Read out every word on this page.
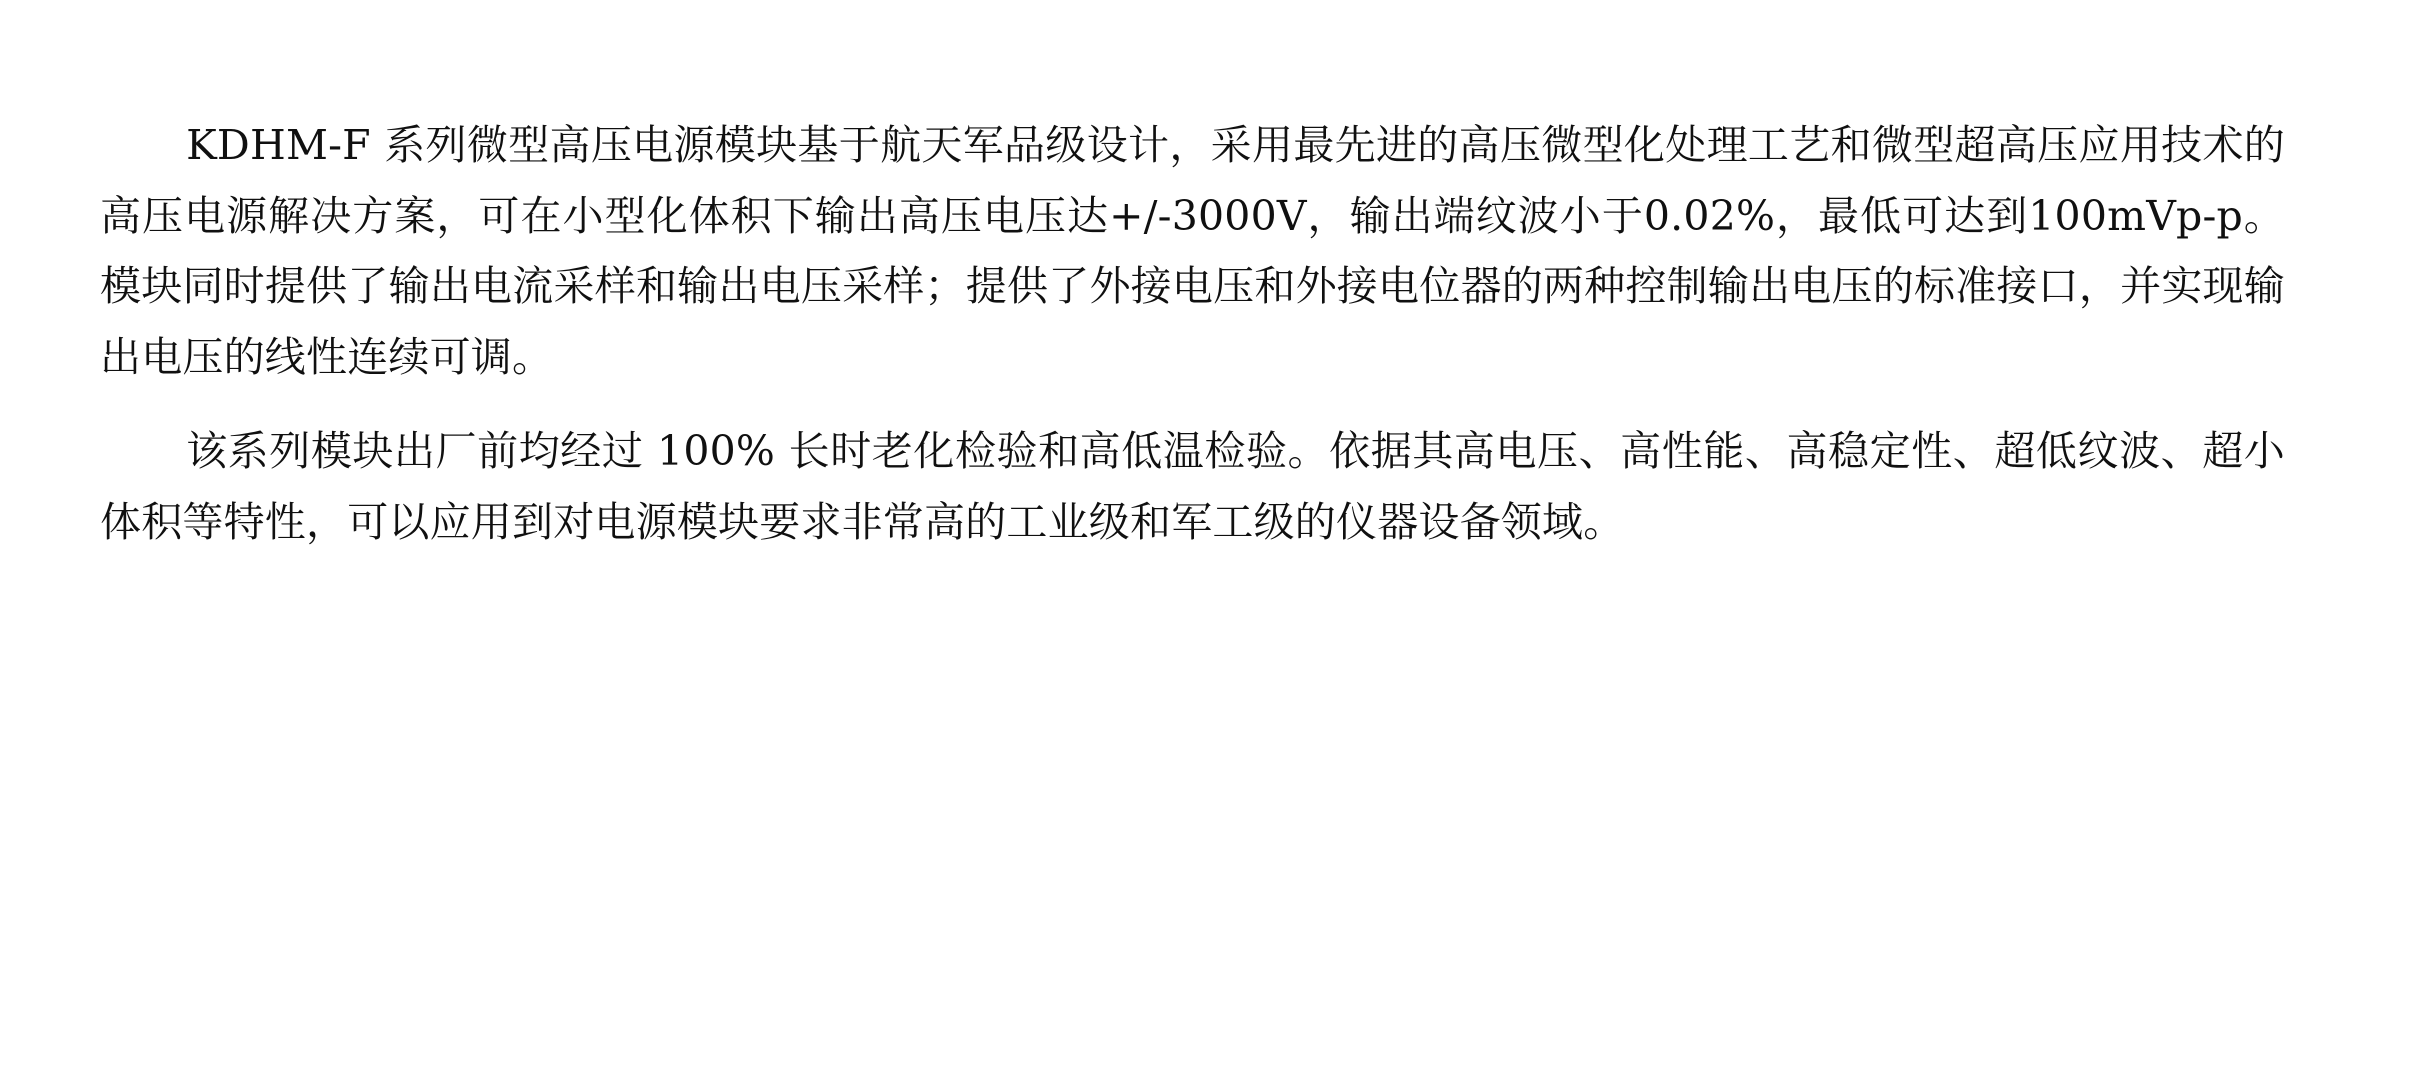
KDHM-F 系列微型高压电源模块基于航天军品级设计，采用最先进的高压微型化处理工艺和微型超高压应用技术的高压电源解决方案，可在小型化体积下输出高压电压达+/-3000V，输出端纹波小于0.02%，最低可达到100mVp-p。模块同时提供了输出电流采样和输出电压采样；提供了外接电压和外接电位器的两种控制输出电压的标准接口，并实现输出电压的线性连续可调。

该系列模块出厂前均经过 100% 长时老化检验和高低温检验。依据其高电压、高性能、高稳定性、超低纹波、超小体积等特性，可以应用到对电源模块要求非常高的工业级和军工级的仪器设备领域。
